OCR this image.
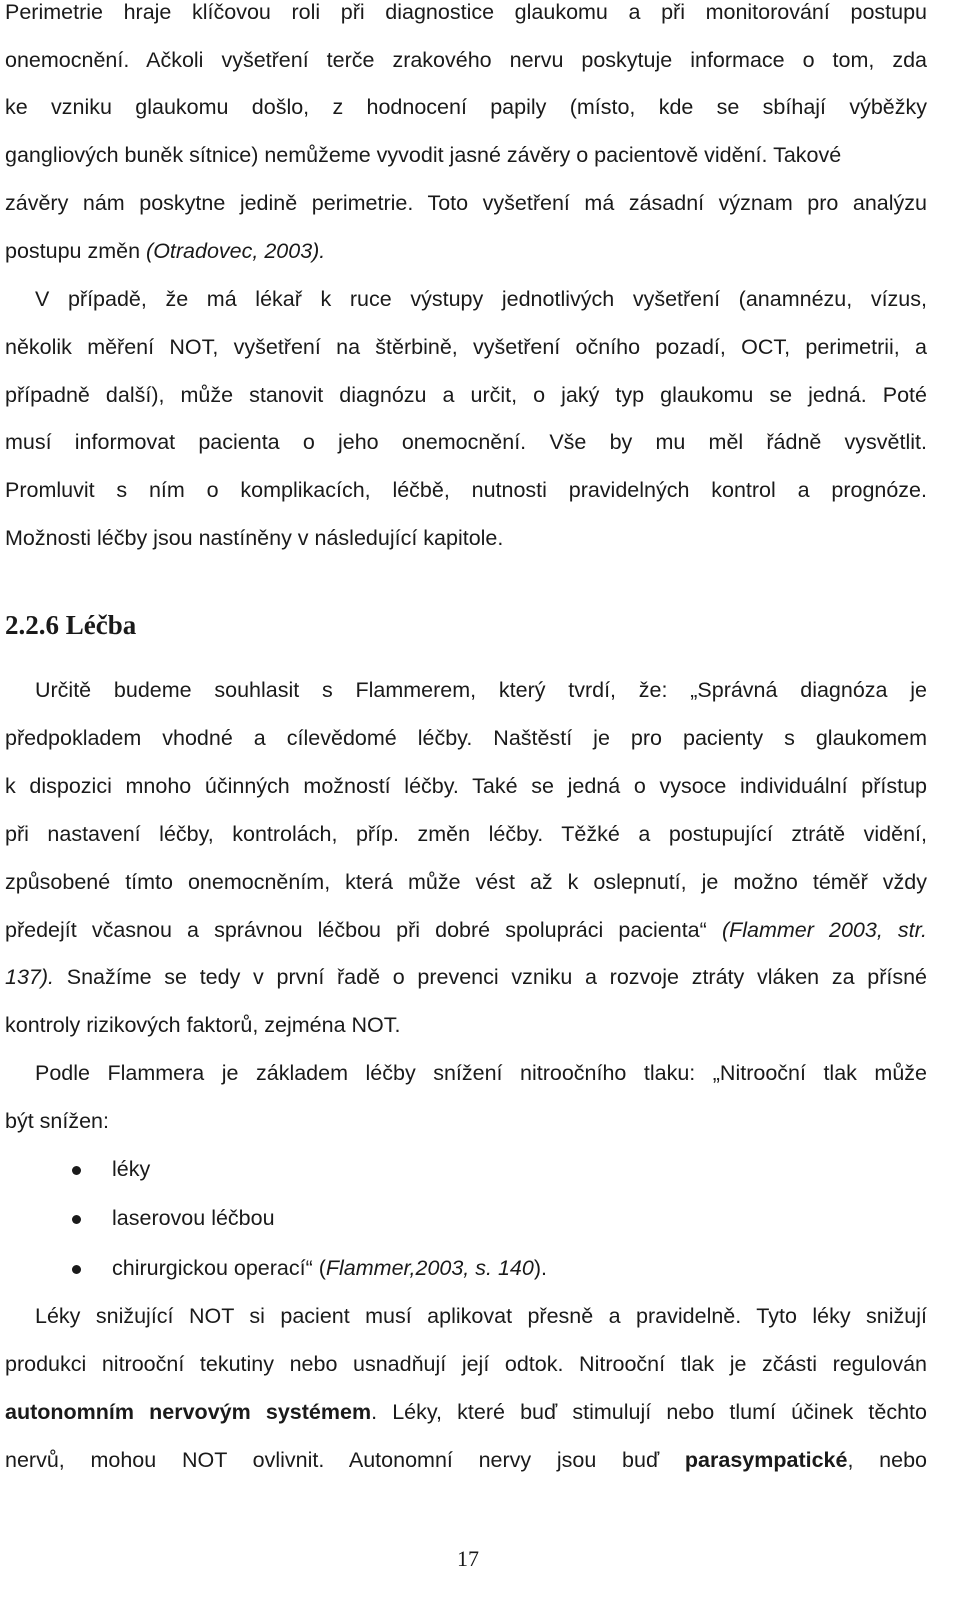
Perimetrie hraje klíčovou roli při diagnostice glaukomu a při monitorování postupu
onemocnění. Ačkoli vyšetření terče zrakového nervu poskytuje informace o tom, zda
ke vzniku glaukomu došlo, z hodnocení papily (místo, kde se sbíhají výběžky
gangliových buněk sítnice) nemůžeme vyvodit jasné závěry o pacientově vidění. Takové
závěry nám poskytne jedině perimetrie. Toto vyšetření má zásadní význam pro analýzu
postupu změn (Otradovec, 2003).
V případě, že má lékař k ruce výstupy jednotlivých vyšetření (anamnézu, vízus,
několik měření NOT, vyšetření na štěrbině, vyšetření očního pozadí, OCT, perimetrii, a
případně další), může stanovit diagnózu a určit, o jaký typ glaukomu se jedná. Poté
musí informovat pacienta o jeho onemocnění. Vše by mu měl řádně vysvětlit.
Promluvit s ním o komplikacích, léčbě, nutnosti pravidelných kontrol a prognóze.
Možnosti léčby jsou nastíněny v následující kapitole.
2.2.6 Léčba
Určitě budeme souhlasit s Flammerem, který tvrdí, že: „Správná diagnóza je
předpokladem vhodné a cílevědomé léčby. Naštěstí je pro pacienty s glaukomem
k dispozici mnoho účinných možností léčby. Také se jedná o vysoce individuální přístup
při nastavení léčby, kontrolách, příp. změn léčby. Těžké a postupující ztrátě vidění,
způsobené tímto onemocněním, která může vést až k oslepnutí, je možno téměř vždy
předejít včasnou a správnou léčbou při dobré spolupráci pacienta“ (Flammer 2003, str.
137). Snažíme se tedy v první řadě o prevenci vzniku a rozvoje ztráty vláken za přísné
kontroly rizikových faktorů, zejména NOT.
Podle Flammera je základem léčby snížení nitroočního tlaku: „Nitrooční tlak může
být snížen:
léky
laserovou léčbou
chirurgickou operací“ (Flammer,2003, s. 140).
Léky snižující NOT si pacient musí aplikovat přesně a pravidelně. Tyto léky snižují
produkci nitrooční tekutiny nebo usnadňují její odtok. Nitrooční tlak je zčásti regulován
autonomním nervovým systémem. Léky, které buď stimulují nebo tlumí účinek těchto
nervů, mohou NOT ovlivnit. Autonomní nervy jsou buď parasympatické, nebo
17
